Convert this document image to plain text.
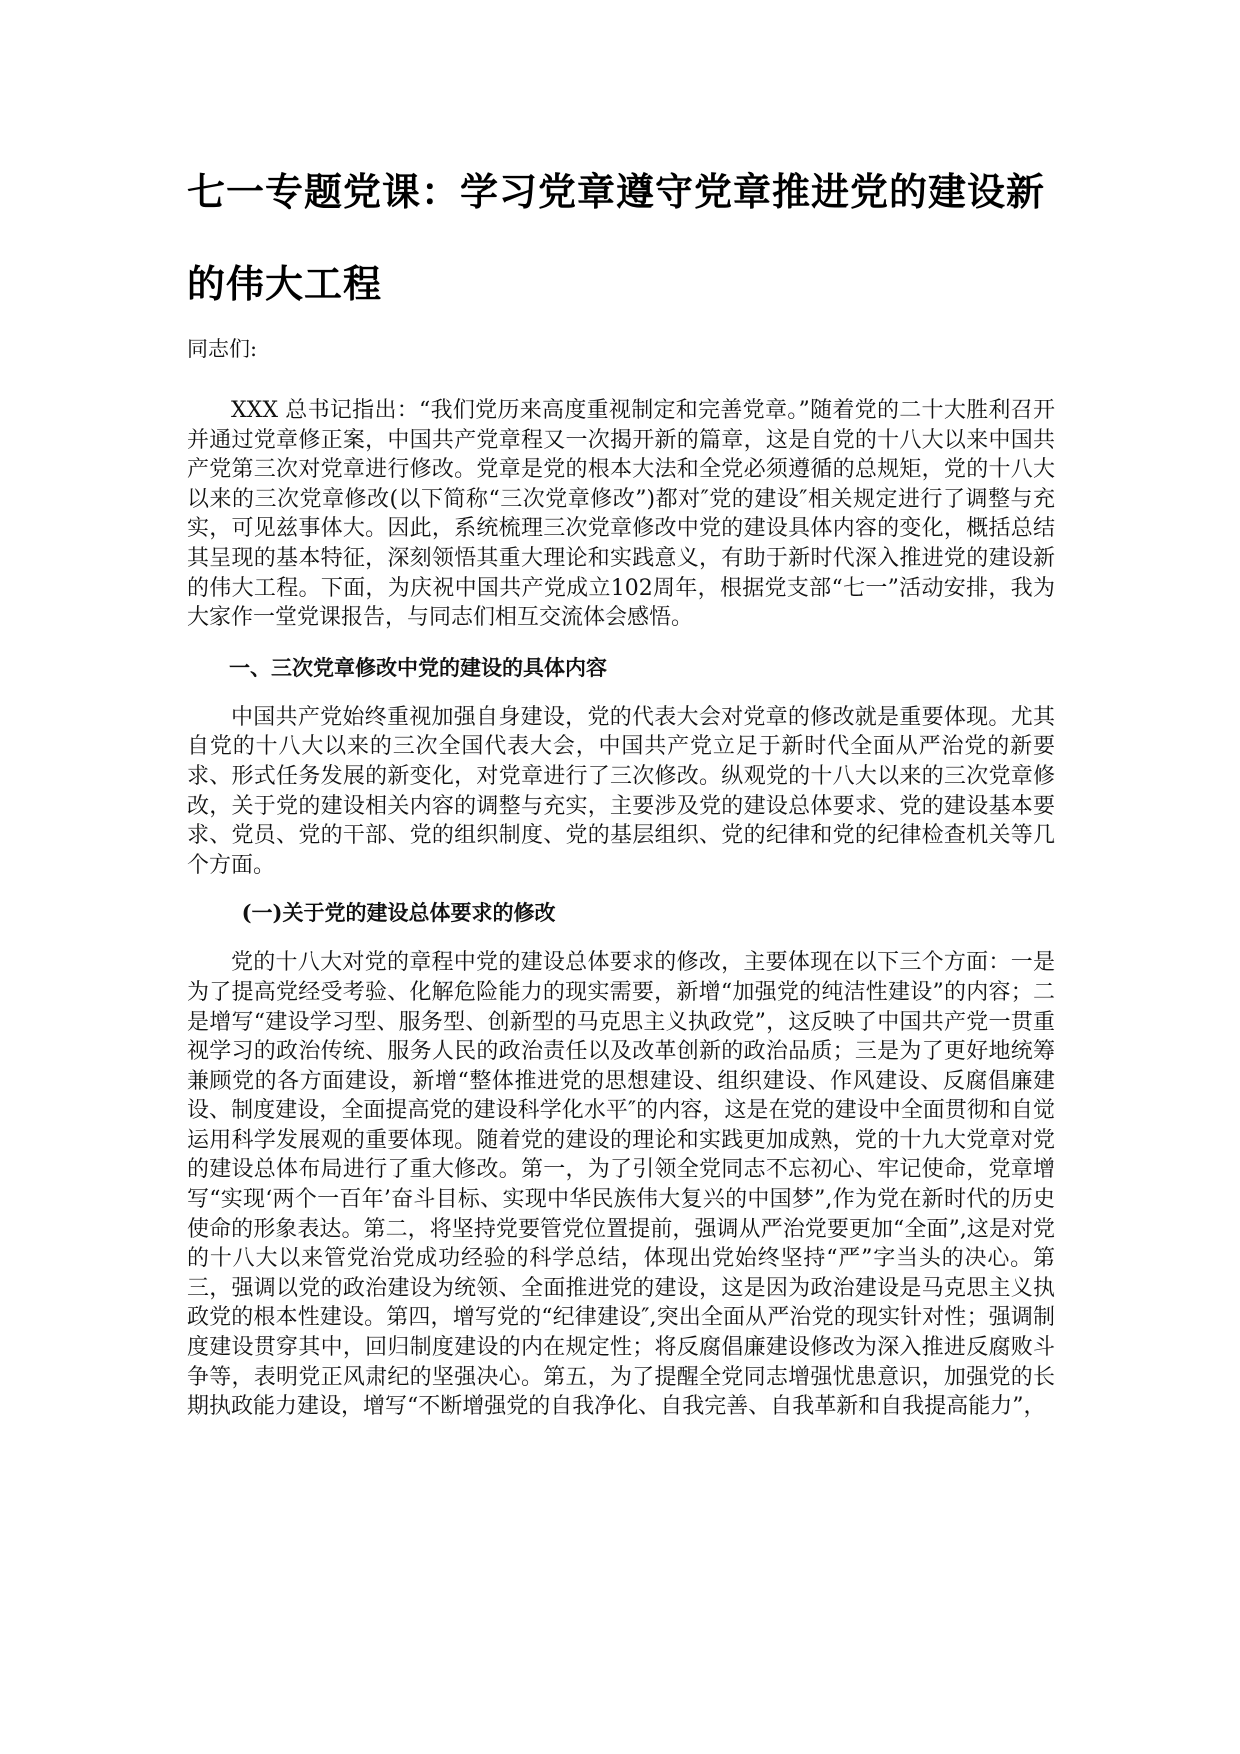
七一专题党课：学习党章遵守党章推进党的建设新的伟大工程

同志们:

XXX 总书记指出：“我们党历来高度重视制定和完善党章。”随着党的二十大胜利召开并通过党章修正案，中国共产党章程又一次揭开新的篇章，这是自党的十八大以来中国共产党第三次对党章进行修改。党章是党的根本大法和全党必须遵循的总规矩，党的十八大以来的三次党章修改(以下简称“三次党章修改”)都对″党的建设″相关规定进行了调整与充实，可见兹事体大。因此，系统梳理三次党章修改中党的建设具体内容的变化，概括总结其呈现的基本特征，深刻领悟其重大理论和实践意义，有助于新时代深入推进党的建设新的伟大工程。下面，为庆祝中国共产党成立102周年，根据党支部“七一”活动安排，我为大家作一堂党课报告，与同志们相互交流体会感悟。

一、三次党章修改中党的建设的具体内容

中国共产党始终重视加强自身建设，党的代表大会对党章的修改就是重要体现。尤其自党的十八大以来的三次全国代表大会，中国共产党立足于新时代全面从严治党的新要求、形式任务发展的新变化，对党章进行了三次修改。纵观党的十八大以来的三次党章修改，关于党的建设相关内容的调整与充实，主要涉及党的建设总体要求、党的建设基本要求、党员、党的干部、党的组织制度、党的基层组织、党的纪律和党的纪律检查机关等几个方面。

(一)关于党的建设总体要求的修改

党的十八大对党的章程中党的建设总体要求的修改，主要体现在以下三个方面：一是为了提高党经受考验、化解危险能力的现实需要，新增“加强党的纯洁性建设”的内容；二是增写“建设学习型、服务型、创新型的马克思主义执政党”，这反映了中国共产党一贯重视学习的政治传统、服务人民的政治责任以及改革创新的政治品质；三是为了更好地统筹兼顾党的各方面建设，新增“整体推进党的思想建设、组织建设、作风建设、反腐倡廉建设、制度建设，全面提高党的建设科学化水平″的内容，这是在党的建设中全面贯彻和自觉运用科学发展观的重要体现。随着党的建设的理论和实践更加成熟，党的十九大党章对党的建设总体布局进行了重大修改。第一，为了引领全党同志不忘初心、牢记使命，党章增写“实现‘两个一百年’奋斗目标、实现中华民族伟大复兴的中国梦”,作为党在新时代的历史使命的形象表达。第二，将坚持党要管党位置提前，强调从严治党要更加“全面”,这是对党的十八大以来管党治党成功经验的科学总结，体现出党始终坚持“严”字当头的决心。第三，强调以党的政治建设为统领、全面推进党的建设，这是因为政治建设是马克思主义执政党的根本性建设。第四，增写党的“纪律建设″,突出全面从严治党的现实针对性；强调制度建设贯穿其中，回归制度建设的内在规定性；将反腐倡廉建设修改为深入推进反腐败斗争等，表明党正风肃纪的坚强决心。第五，为了提醒全党同志增强忧患意识，加强党的长期执政能力建设，增写“不断增强党的自我净化、自我完善、自我革新和自我提高能力”，
